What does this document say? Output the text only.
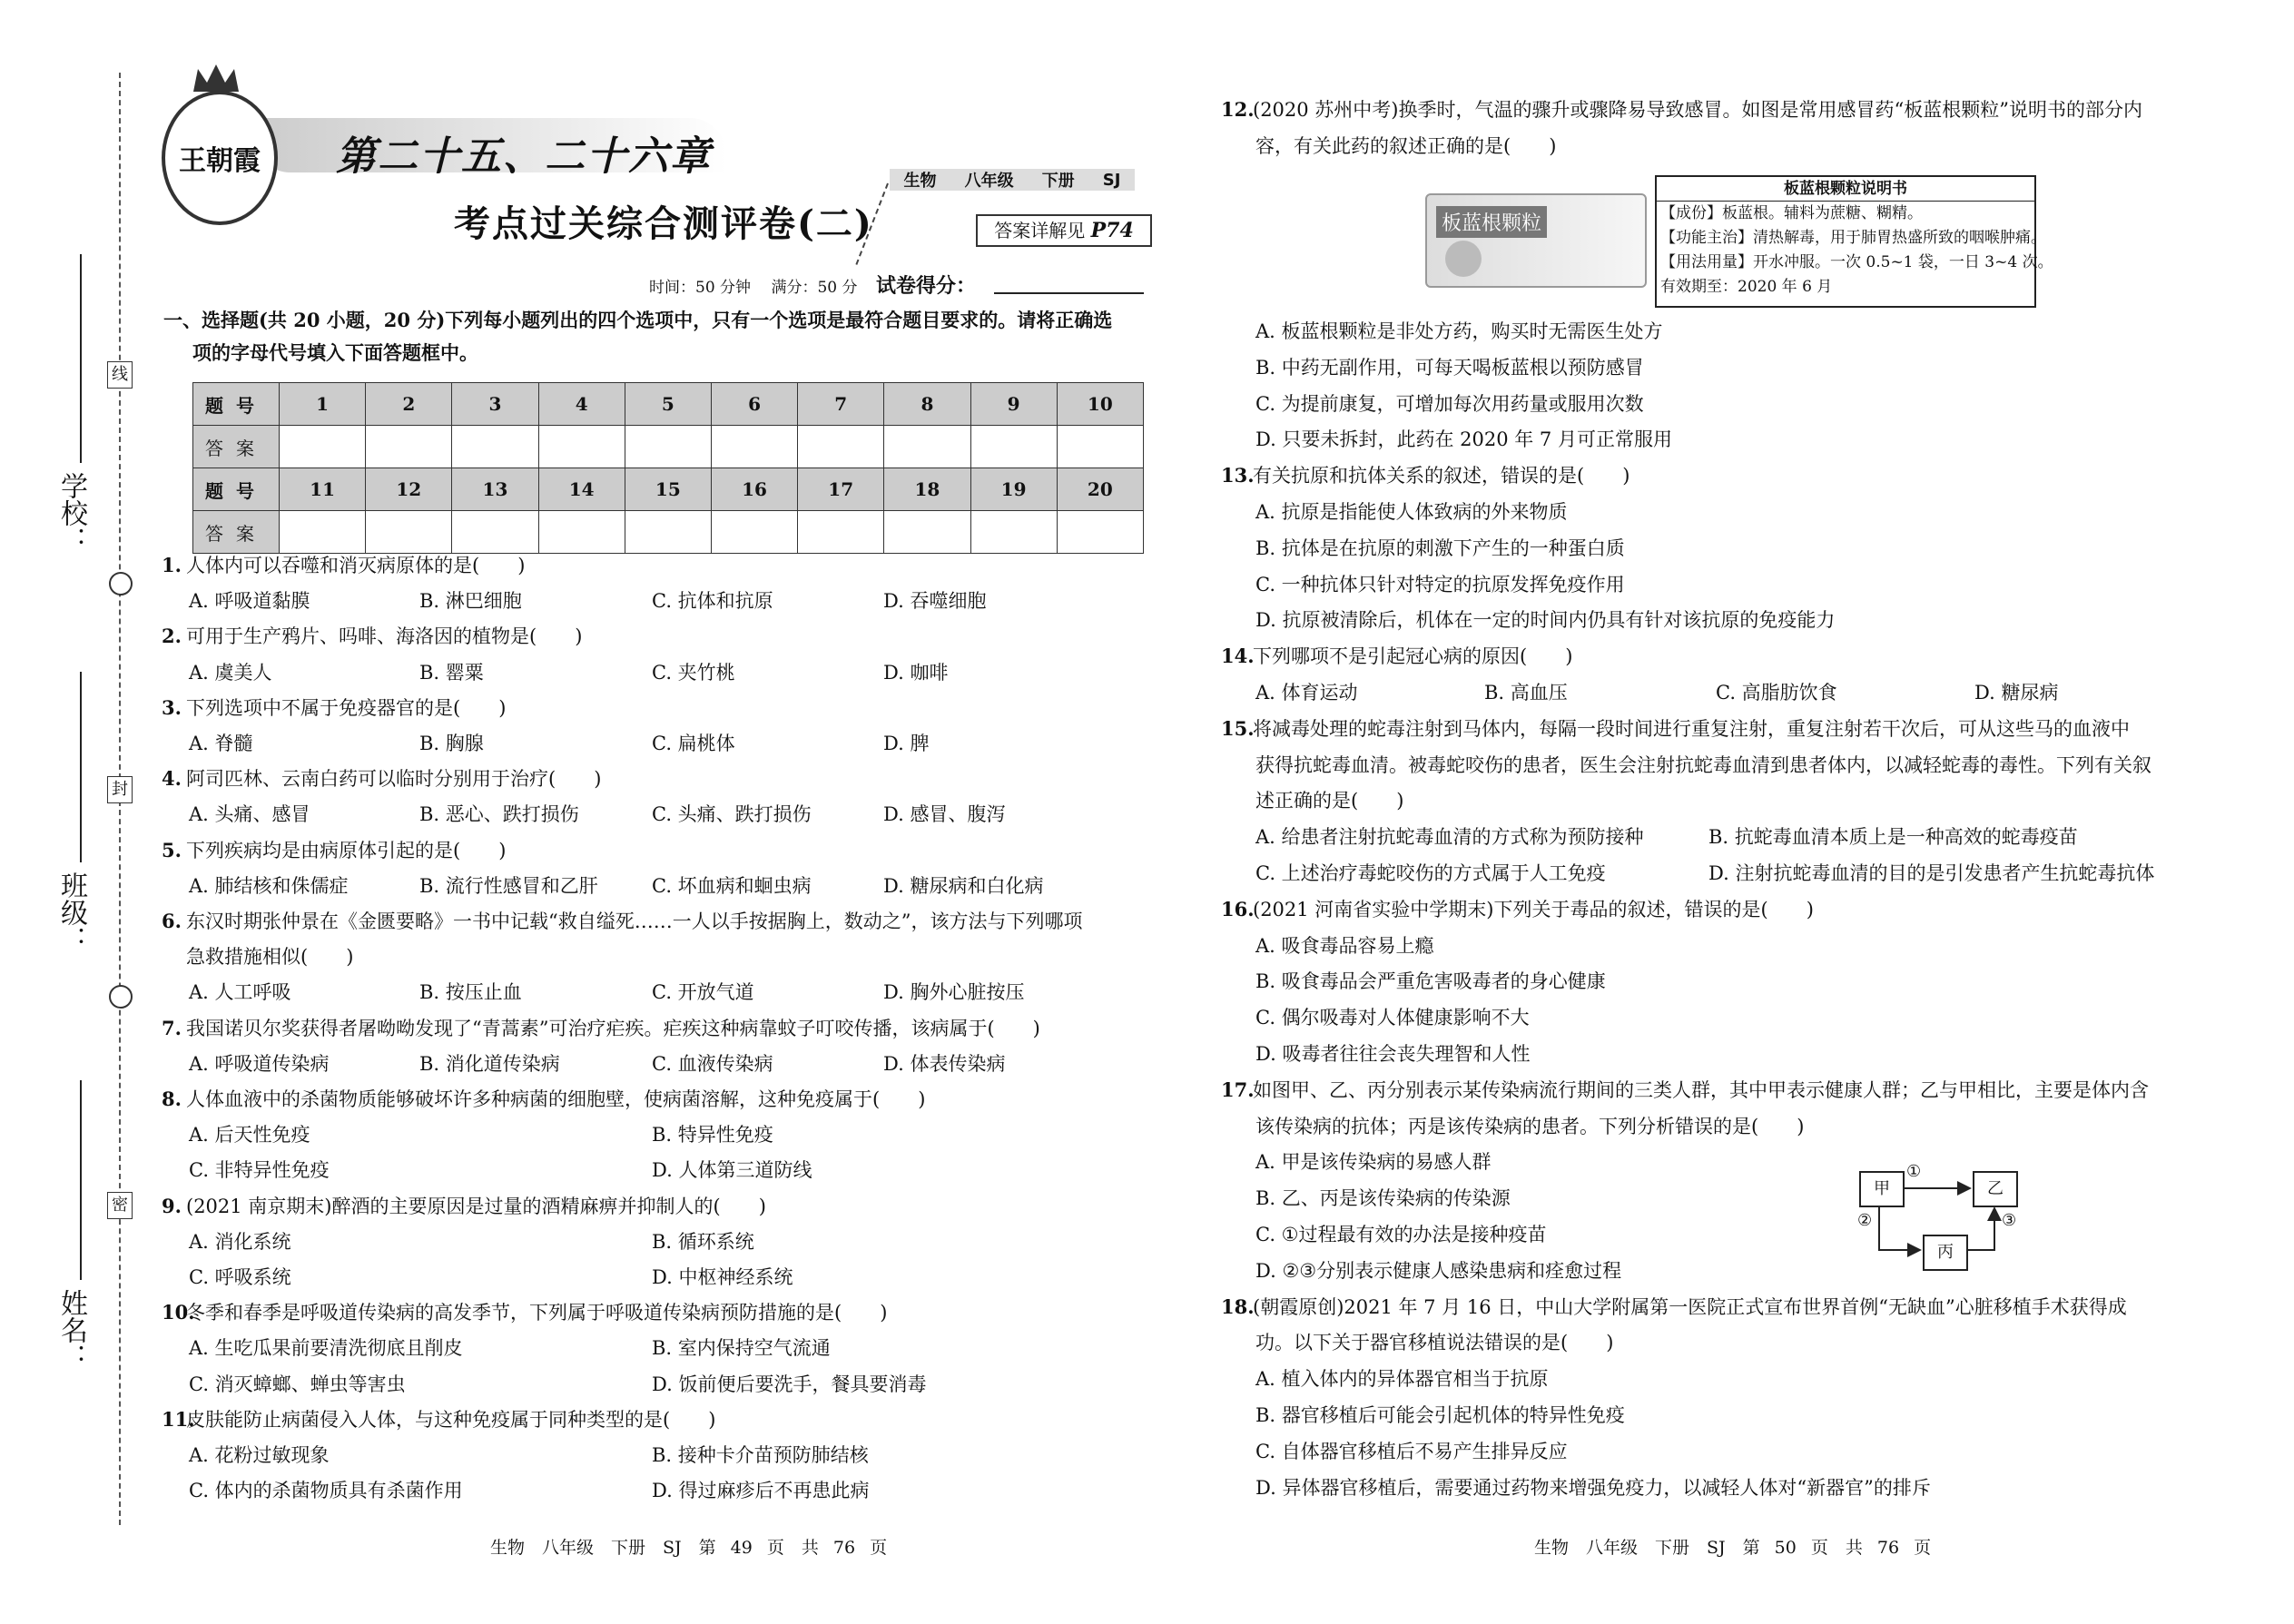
学校：
班级：
姓名：
线
封
密
王朝霞	第二十五、二十六章
考点过关综合测评卷(二)
生物 八年级 下册 SJ
答案详解见 P74
时间：50 分钟　 满分：50 分 试卷得分：
一、选择题(共 20 小题，20 分)下列每小题列出的四个选项中，只有一个选项是最符合题目要求的。请将正确选
项的字母代号填入下面答题框中。
题号	1	2	3	4	5	6	7	8	9	10
答案										
题号	11	12	13	14	15	16	17	18	19	20
答案										
1. 人体内可以吞噬和消灭病原体的是(　　)
A. 呼吸道黏膜	B. 淋巴细胞	C. 抗体和抗原	D. 吞噬细胞
2. 可用于生产鸦片、吗啡、海洛因的植物是(　　)
A. 虞美人	B. 罂粟	C. 夹竹桃	D. 咖啡
3. 下列选项中不属于免疫器官的是(　　)
A. 脊髓	B. 胸腺	C. 扁桃体	D. 脾
4. 阿司匹林、云南白药可以临时分别用于治疗(　　)
A. 头痛、感冒	B. 恶心、跌打损伤	C. 头痛、跌打损伤	D. 感冒、腹泻
5. 下列疾病均是由病原体引起的是(　　)
A. 肺结核和侏儒症	B. 流行性感冒和乙肝	C. 坏血病和蛔虫病	D. 糖尿病和白化病
6. 东汉时期张仲景在《金匮要略》一书中记载“救自缢死……一人以手按据胸上，数动之”，该方法与下列哪项
急救措施相似(　　)
A. 人工呼吸	B. 按压止血	C. 开放气道	D. 胸外心脏按压
7. 我国诺贝尔奖获得者屠呦呦发现了“青蒿素”可治疗疟疾。疟疾这种病靠蚊子叮咬传播，该病属于(　　)
A. 呼吸道传染病	B. 消化道传染病	C. 血液传染病	D. 体表传染病
8. 人体血液中的杀菌物质能够破坏许多种病菌的细胞壁，使病菌溶解，这种免疫属于(　　)
A. 后天性免疫	B. 特异性免疫
C. 非特异性免疫	D. 人体第三道防线
9. (2021 南京期末)醉酒的主要原因是过量的酒精麻痹并抑制人的(　　)
A. 消化系统	B. 循环系统
C. 呼吸系统	D. 中枢神经系统
10.
冬季和春季是呼吸道传染病的高发季节，下列属于呼吸道传染病预防措施的是(　　)
A. 生吃瓜果前要清洗彻底且削皮	B. 室内保持空气流通
C. 消灭蟑螂、蝉虫等害虫	D. 饭前便后要洗手，餐具要消毒
11.
皮肤能防止病菌侵入人体，与这种免疫属于同种类型的是(　　)
A. 花粉过敏现象	B. 接种卡介苗预防肺结核
C. 体内的杀菌物质具有杀菌作用	D. 得过麻疹后不再患此病
12.
(2020 苏州中考)换季时，气温的骤升或骤降易导致感冒。如图是常用感冒药“板蓝根颗粒”说明书的部分内
容，有关此药的叙述正确的是(　　)
A. 板蓝根颗粒是非处方药，购买时无需医生处方
B. 中药无副作用，可每天喝板蓝根以预防感冒
C. 为提前康复，可增加每次用药量或服用次数
D. 只要未拆封，此药在 2020 年 7 月可正常服用
13.
有关抗原和抗体关系的叙述，错误的是(　　)
A. 抗原是指能使人体致病的外来物质
B. 抗体是在抗原的刺激下产生的一种蛋白质
C. 一种抗体只针对特定的抗原发挥免疫作用
D. 抗原被清除后，机体在一定的时间内仍具有针对该抗原的免疫能力
14.
下列哪项不是引起冠心病的原因(　　)
A. 体育运动	B. 高血压	C. 高脂肪饮食	D. 糖尿病
15.
将减毒处理的蛇毒注射到马体内，每隔一段时间进行重复注射，重复注射若干次后，可从这些马的血液中
获得抗蛇毒血清。被毒蛇咬伤的患者，医生会注射抗蛇毒血清到患者体内，以减轻蛇毒的毒性。下列有关叙
述正确的是(　　)
A. 给患者注射抗蛇毒血清的方式称为预防接种	B. 抗蛇毒血清本质上是一种高效的蛇毒疫苗
C. 上述治疗毒蛇咬伤的方式属于人工免疫	D. 注射抗蛇毒血清的目的是引发患者产生抗蛇毒抗体
16.
(2021 河南省实验中学期末)下列关于毒品的叙述，错误的是(　　)
A. 吸食毒品容易上瘾
B. 吸食毒品会严重危害吸毒者的身心健康
C. 偶尔吸毒对人体健康影响不大
D. 吸毒者往往会丧失理智和人性
17.
如图甲、乙、丙分别表示某传染病流行期间的三类人群，其中甲表示健康人群；乙与甲相比，主要是体内含
该传染病的抗体；丙是该传染病的患者。下列分析错误的是(　　)
A. 甲是该传染病的易感人群
B. 乙、丙是该传染病的传染源
C. ①过程最有效的办法是接种疫苗
D. ②③分别表示健康人感染患病和痊愈过程
18.
(朝霞原创)2021 年 7 月 16 日，中山大学附属第一医院正式宣布世界首例“无缺血”心脏移植手术获得成
功。以下关于器官移植说法错误的是(　　)
A. 植入体内的异体器官相当于抗原
B. 器官移植后可能会引起机体的特异性免疫
C. 自体器官移植后不易产生排异反应
D. 异体器官移植后，需要通过药物来增强免疫力，以减轻人体对“新器官”的排斥
板蓝根颗粒
板蓝根颗粒说明书
【成份】板蓝根。辅料为蔗糖、糊精。
【功能主治】清热解毒，用于肺胃热盛所致的咽喉肿痛。
【用法用量】开水冲服。一次 0.5~1 袋，一日 3~4 次。
有效期至：2020 年 6 月
甲	乙
丙
①
②	③
生物　八年级　下册　SJ　第 49 页　共 76 页	生物　八年级　下册　SJ　第 50 页　共 76 页
